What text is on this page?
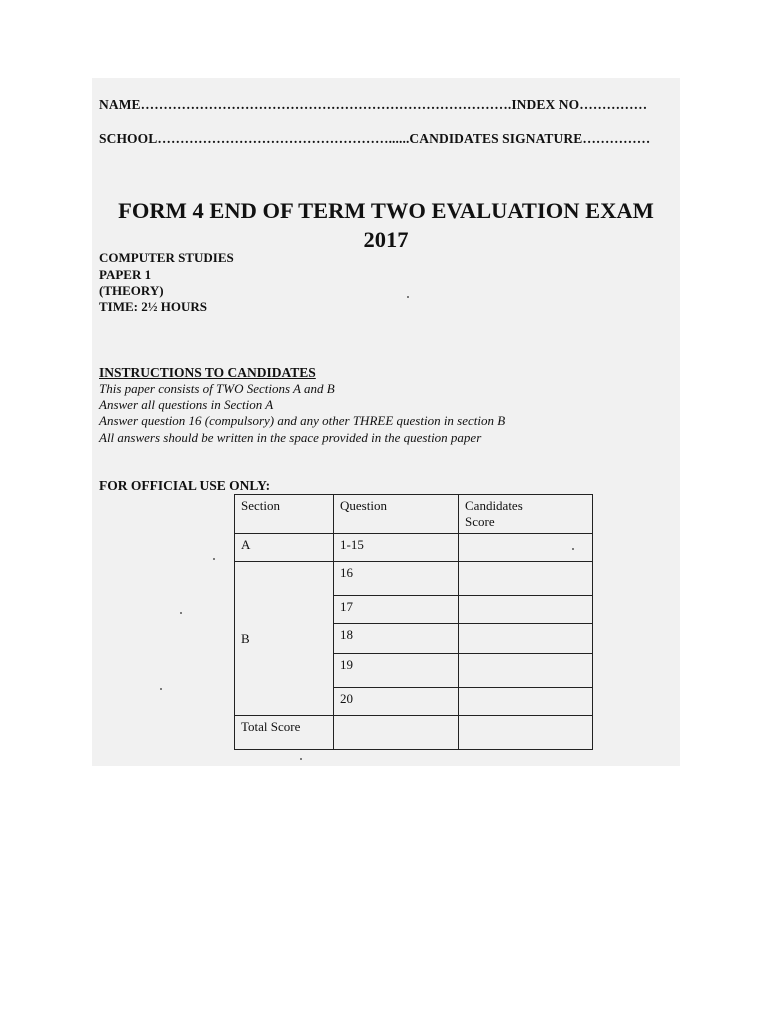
NAME……………………………………………………………………….INDEX NO……………
SCHOOL……………………………………………......CANDIDATES SIGNATURE……………
FORM 4 END OF TERM TWO EVALUATION EXAM
2017
COMPUTER STUDIES
PAPER 1
(THEORY)
TIME: 2½ HOURS
INSTRUCTIONS TO CANDIDATES
This paper consists of TWO Sections A and B
Answer all questions in Section A
Answer question 16 (compulsory) and any other THREE question in section B
All answers should be written in the space provided in the question paper
FOR OFFICIAL USE ONLY:
Section	Question	Candidates Score
A	1-15	
B	16	
	17	
	18	
	19	
	20	
Total Score		
